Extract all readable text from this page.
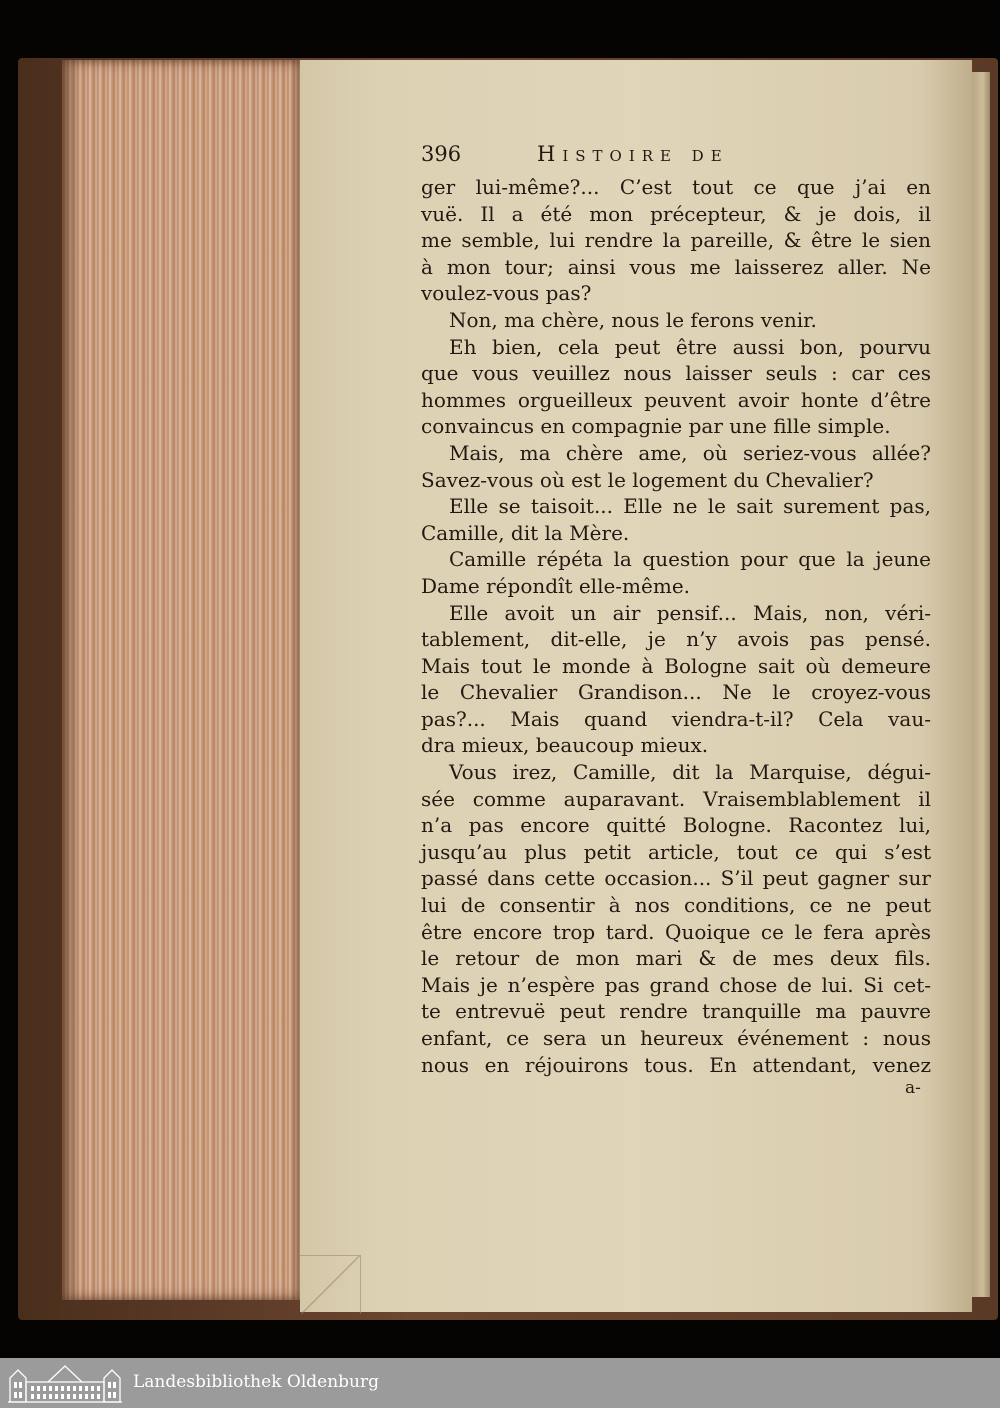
396	Histoire de
ger lui-même?... C’est tout ce que j’ai en
vuë. Il a été mon précepteur, & je dois, il
me semble, lui rendre la pareille, & être le sien
à mon tour; ainsi vous me laisserez aller. Ne
voulez-vous pas?
Non, ma chère, nous le ferons venir.
Eh bien, cela peut être aussi bon, pourvu
que vous veuillez nous laisser seuls : car ces
hommes orgueilleux peuvent avoir honte d’être
convaincus en compagnie par une fille simple.
Mais, ma chère ame, où seriez-vous allée?
Savez-vous où est le logement du Chevalier?
Elle se taisoit... Elle ne le sait surement pas,
Camille, dit la Mère.
Camille répéta la question pour que la jeune
Dame répondît elle-même.
Elle avoit un air pensif... Mais, non, véri-
tablement, dit-elle, je n’y avois pas pensé.
Mais tout le monde à Bologne sait où demeure
le Chevalier Grandison... Ne le croyez-vous
pas?... Mais quand viendra-t-il? Cela vau-
dra mieux, beaucoup mieux.
Vous irez, Camille, dit la Marquise, dégui-
sée comme auparavant. Vraisemblablement il
n’a pas encore quitté Bologne. Racontez lui,
jusqu’au plus petit article, tout ce qui s’est
passé dans cette occasion... S’il peut gagner sur
lui de consentir à nos conditions, ce ne peut
être encore trop tard. Quoique ce le fera après
le retour de mon mari & de mes deux fils.
Mais je n’espère pas grand chose de lui. Si cet-
te entrevuë peut rendre tranquille ma pauvre
enfant, ce sera un heureux événement : nous
nous en réjouirons tous. En attendant, venez
a-
Landesbibliothek Oldenburg
